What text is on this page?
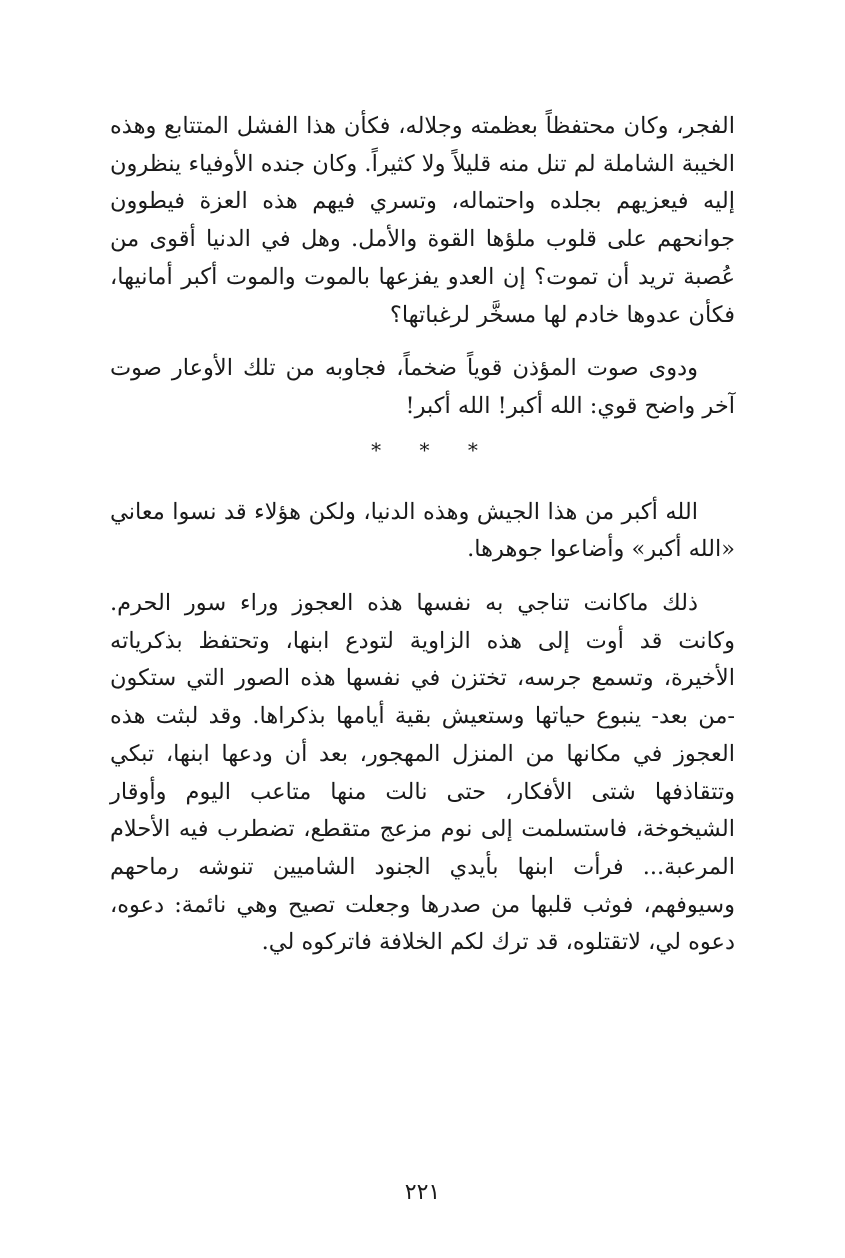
الفجر، وكان محتفظاً بعظمته وجلاله، فكأن هذا الفشل المتتابع وهذه الخيبة الشاملة لم تنل منه قليلاً ولا كثيراً. وكان جنده الأوفياء ينظرون إليه فيعزيهم بجلده واحتماله، وتسري فيهم هذه العزة فيطوون جوانحهم على قلوب ملؤها القوة والأمل. وهل في الدنيا أقوى من عُصبة تريد أن تموت؟ إن العدو يفزعها بالموت والموت أكبر أمانيها، فكأن عدوها خادم لها مسخَّر لرغباتها؟

ودوى صوت المؤذن قوياً ضخماً، فجاوبه من تلك الأوعار صوت آخر واضح قوي: الله أكبر! الله أكبر!

* * *

الله أكبر من هذا الجيش وهذه الدنيا، ولكن هؤلاء قد نسوا معاني «الله أكبر» وأضاعوا جوهرها.

ذلك ماكانت تناجي به نفسها هذه العجوز وراء سور الحرم. وكانت قد أوت إلى هذه الزاوية لتودع ابنها، وتحتفظ بذكرياته الأخيرة، وتسمع جرسه، تختزن في نفسها هذه الصور التي ستكون -من بعد- ينبوع حياتها وستعيش بقية أيامها بذكراها. وقد لبثت هذه العجوز في مكانها من المنزل المهجور، بعد أن ودعها ابنها، تبكي وتتقاذفها شتى الأفكار، حتى نالت منها متاعب اليوم وأوقار الشيخوخة، فاستسلمت إلى نوم مزعج متقطع، تضطرب فيه الأحلام المرعبة... فرأت ابنها بأيدي الجنود الشاميين تنوشه رماحهم وسيوفهم، فوثب قلبها من صدرها وجعلت تصيح وهي نائمة: دعوه، دعوه لي، لاتقتلوه، قد ترك لكم الخلافة فاتركوه لي.

٢٢١
